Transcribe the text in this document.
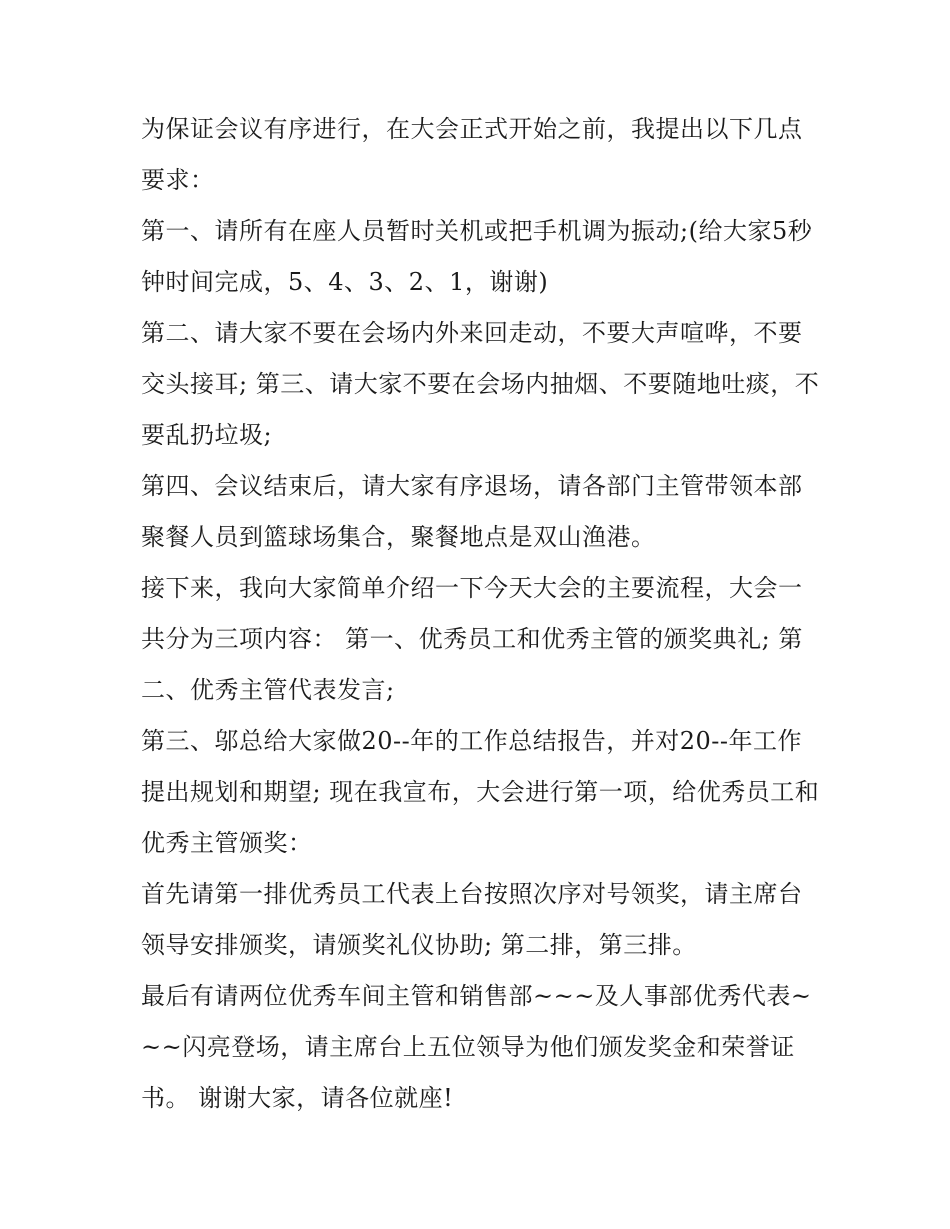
为保证会议有序进行，在大会正式开始之前，我提出以下几点要求：

第一、请所有在座人员暂时关机或把手机调为振动;(给大家5秒钟时间完成，5、4、3、2、1，谢谢)

第二、请大家不要在会场内外来回走动，不要大声喧哗，不要交头接耳; 第三、请大家不要在会场内抽烟、不要随地吐痰，不要乱扔垃圾;

第四、会议结束后，请大家有序退场，请各部门主管带领本部聚餐人员到篮球场集合，聚餐地点是双山渔港。

接下来，我向大家简单介绍一下今天大会的主要流程，大会一共分为三项内容： 第一、优秀员工和优秀主管的颁奖典礼; 第二、优秀主管代表发言;

第三、邬总给大家做20--年的工作总结报告，并对20--年工作提出规划和期望; 现在我宣布，大会进行第一项，给优秀员工和优秀主管颁奖：

首先请第一排优秀员工代表上台按照次序对号领奖，请主席台领导安排颁奖，请颁奖礼仪协助; 第二排，第三排。

最后有请两位优秀车间主管和销售部~~~及人事部优秀代表~~~闪亮登场，请主席台上五位领导为他们颁发奖金和荣誉证书。 谢谢大家，请各位就座!
